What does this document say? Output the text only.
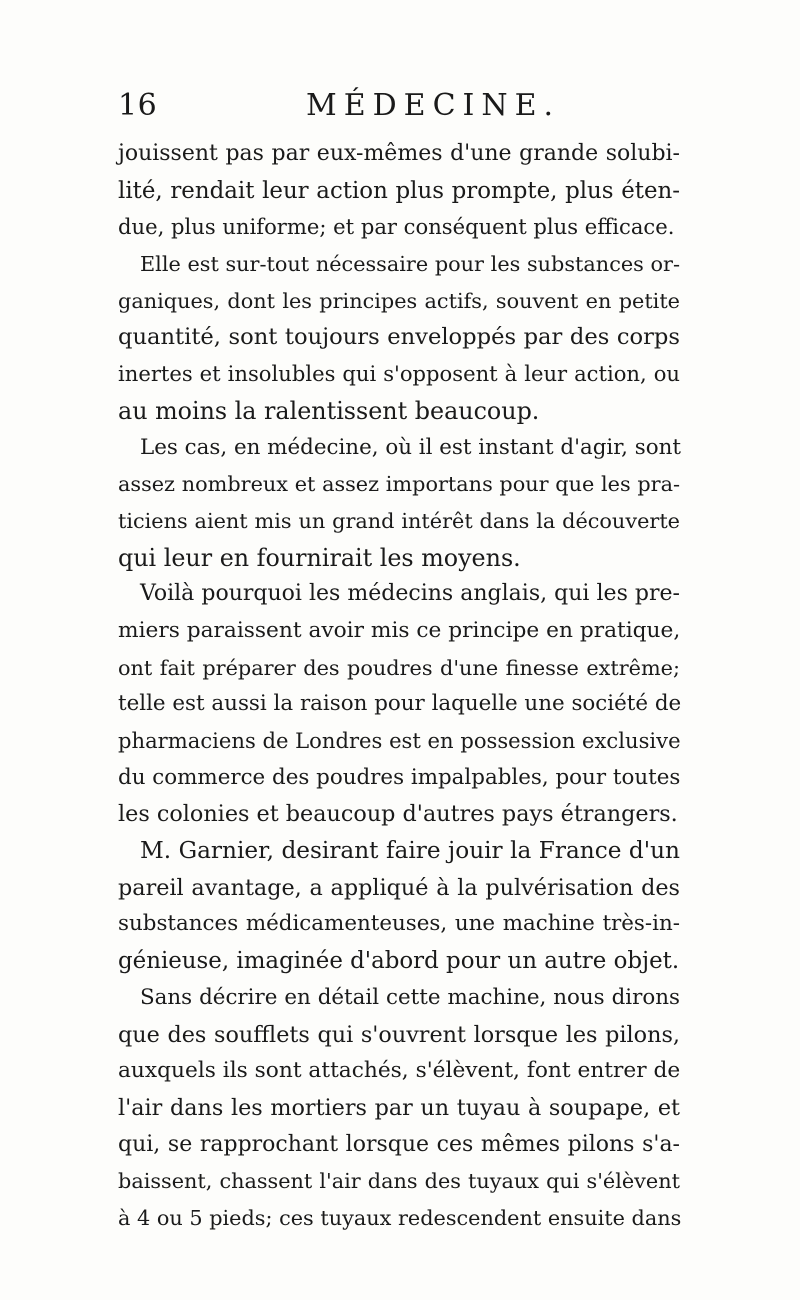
16	MÉDECINE.
jouissent pas par eux-mêmes d'une grande solubi-
lité, rendait leur action plus prompte, plus éten-
due, plus uniforme; et par conséquent plus efficace.
Elle est sur-tout nécessaire pour les substances or-
ganiques, dont les principes actifs, souvent en petite
quantité, sont toujours enveloppés par des corps
inertes et insolubles qui s'opposent à leur action, ou
au moins la ralentissent beaucoup.
Les cas, en médecine, où il est instant d'agir, sont
assez nombreux et assez importans pour que les pra-
ticiens aient mis un grand intérêt dans la découverte
qui leur en fournirait les moyens.
Voilà pourquoi les médecins anglais, qui les pre-
miers paraissent avoir mis ce principe en pratique,
ont fait préparer des poudres d'une finesse extrême;
telle est aussi la raison pour laquelle une société de
pharmaciens de Londres est en possession exclusive
du commerce des poudres impalpables, pour toutes
les colonies et beaucoup d'autres pays étrangers.
M. Garnier, desirant faire jouir la France d'un
pareil avantage, a appliqué à la pulvérisation des
substances médicamenteuses, une machine très-in-
génieuse, imaginée d'abord pour un autre objet.
Sans décrire en détail cette machine, nous dirons
que des soufflets qui s'ouvrent lorsque les pilons,
auxquels ils sont attachés, s'élèvent, font entrer de
l'air dans les mortiers par un tuyau à soupape, et
qui, se rapprochant lorsque ces mêmes pilons s'a-
baissent, chassent l'air dans des tuyaux qui s'élèvent
à 4 ou 5 pieds; ces tuyaux redescendent ensuite dans
